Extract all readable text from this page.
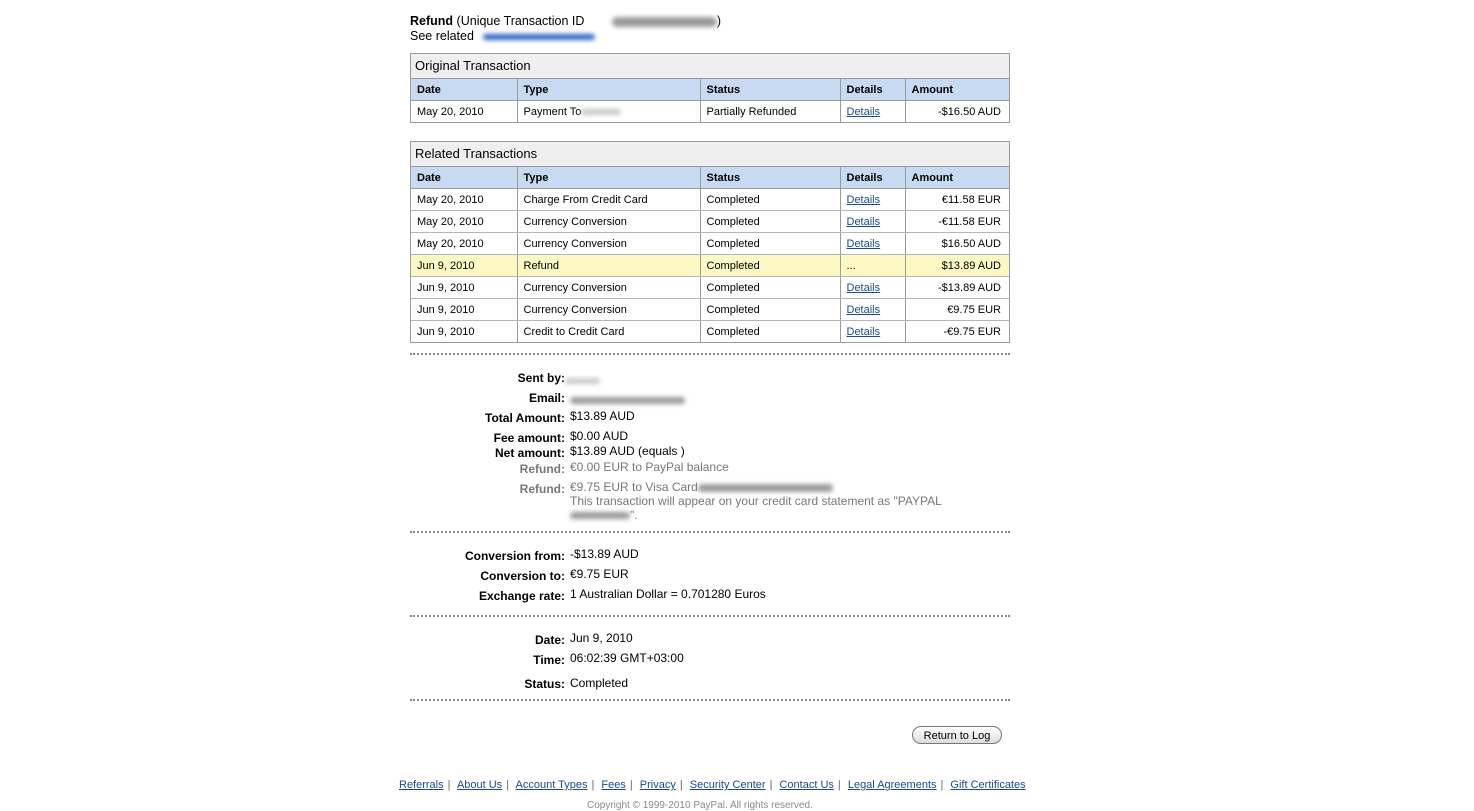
Refund (Unique Transaction ID	)
See related
Original Transaction
Date	Type	Status	Details	Amount
May 20, 2010	Payment To	Partially Refunded	Details	-$16.50 AUD
Related Transactions
Date	Type	Status	Details	Amount
May 20, 2010	Charge From Credit Card	Completed	Details	€11.58 EUR
May 20, 2010	Currency Conversion	Completed	Details	-€11.58 EUR
May 20, 2010	Currency Conversion	Completed	Details	$16.50 AUD
Jun 9, 2010	Refund	Completed	...	$13.89 AUD
Jun 9, 2010	Currency Conversion	Completed	Details	-$13.89 AUD
Jun 9, 2010	Currency Conversion	Completed	Details	€9.75 EUR
Jun 9, 2010	Credit to Credit Card	Completed	Details	-€9.75 EUR
Sent by:
Email:
Total Amount: $13.89 AUD
Fee amount: $0.00 AUD
Net amount: $13.89 AUD (equals )
Refund: €0.00 EUR to PayPal balance
Refund: €9.75 EUR to Visa Card
This transaction will appear on your credit card statement as "PAYPAL
".
Conversion from: -$13.89 AUD
Conversion to: €9.75 EUR
Exchange rate: 1 Australian Dollar = 0.701280 Euros
Date: Jun 9, 2010
Time: 06:02:39 GMT+03:00
Status: Completed
Return to Log
Referrals | About Us | Account Types | Fees | Privacy | Security Center | Contact Us | Legal Agreements | Gift Certificates
Copyright © 1999-2010 PayPal. All rights reserved.
